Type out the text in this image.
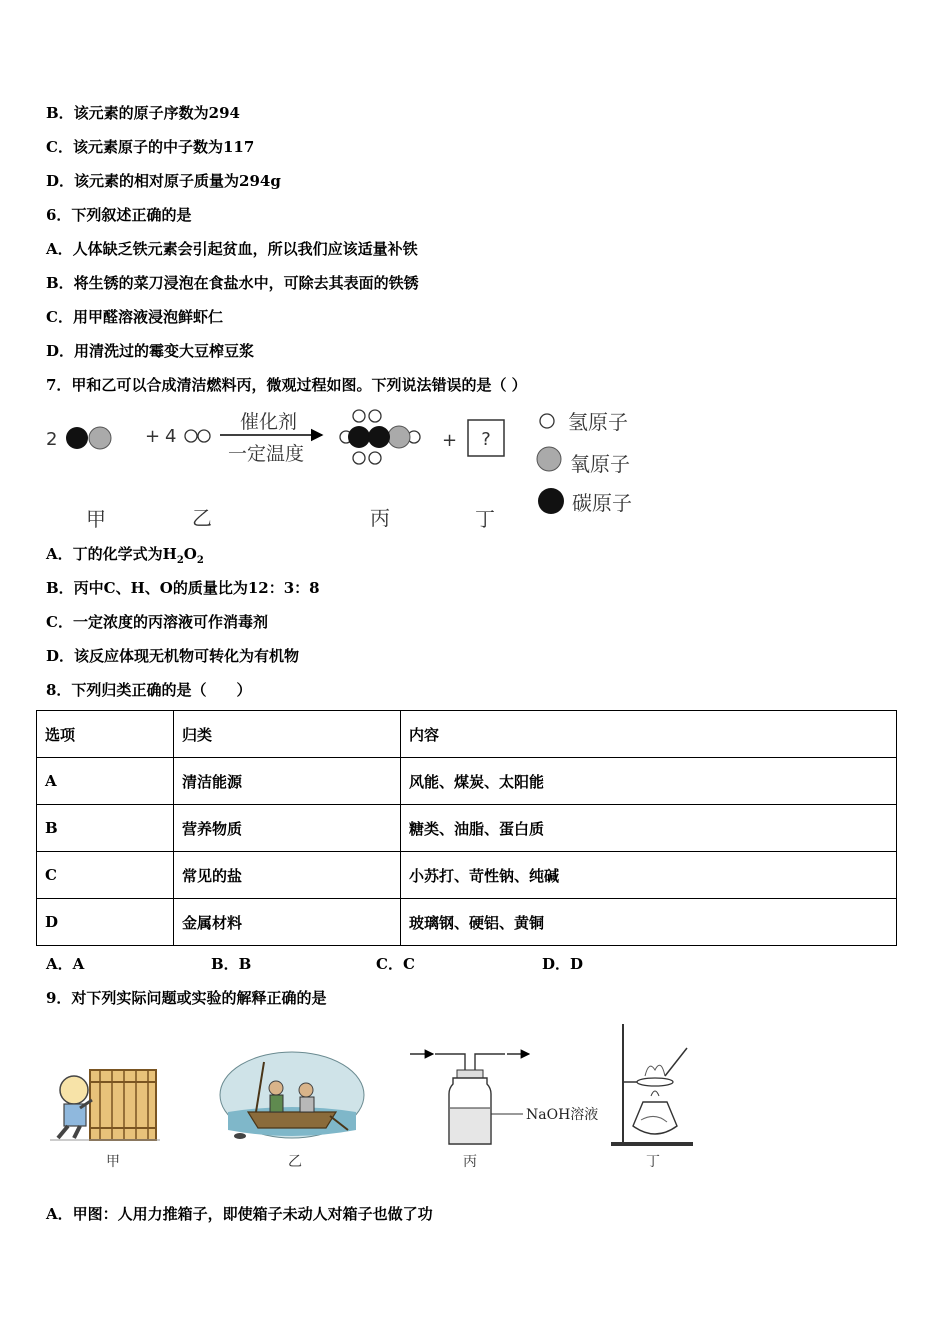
B．该元素的原子序数为294
C．该元素原子的中子数为117
D．该元素的相对原子质量为294g
6．下列叙述正确的是
A．人体缺乏铁元素会引起贫血，所以我们应该适量补铁
B．将生锈的菜刀浸泡在食盐水中，可除去其表面的铁锈
C．用甲醛溶液浸泡鲜虾仁
D．用清洗过的霉变大豆榨豆浆
7．甲和乙可以合成清洁燃料丙，微观过程如图。下列说法错误的是（ ）
2	+ 4	+
催化剂
一定温度
?
氢原子
氧原子
碳原子
甲	乙	丙	丁
A．丁的化学式为$H_2O_2$
B．丙中C、H、O的质量比为12：3：8
C．一定浓度的丙溶液可作消毒剂
D．该反应体现无机物可转化为有机物
8．下列归类正确的是（　　）
选项	归类	内容
A	清洁能源	风能、煤炭、太阳能
B	营养物质	糖类、油脂、蛋白质
C	常见的盐	小苏打、苛性钠、纯碱
D	金属材料	玻璃钢、硬铝、黄铜
A．A	B．B	C．C	D．D
9．对下列实际问题或实验的解释正确的是
甲	乙
NaOH溶液
丙	丁
A．甲图：人用力推箱子，即使箱子未动人对箱子也做了功
